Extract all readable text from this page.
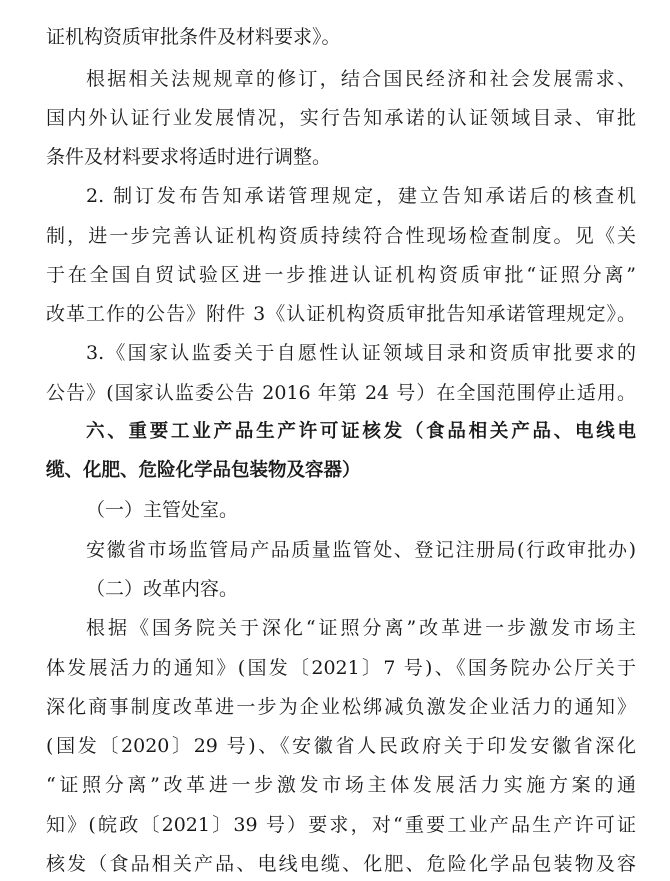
证机构资质审批条件及材料要求》。
根据相关法规规章的修订，结合国民经济和社会发展需求、
国内外认证行业发展情况，实行告知承诺的认证领域目录、审批
条件及材料要求将适时进行调整。
2. 制订发布告知承诺管理规定，建立告知承诺后的核查机
制，进一步完善认证机构资质持续符合性现场检查制度。见《关
于在全国自贸试验区进一步推进认证机构资质审批“证照分离”
改革工作的公告》附件 3《认证机构资质审批告知承诺管理规定》。
3.《国家认监委关于自愿性认证领域目录和资质审批要求的
公告》(国家认监委公告 2016 年第 24 号）在全国范围停止适用。
六、重要工业产品生产许可证核发（食品相关产品、电线电
缆、化肥、危险化学品包装物及容器）
（一）主管处室。
安徽省市场监管局产品质量监管处、登记注册局(行政审批办)
（二）改革内容。
根据《国务院关于深化“证照分离”改革进一步激发市场主
体发展活力的通知》(国发〔2021〕7 号)、《国务院办公厅关于
深化商事制度改革进一步为企业松绑减负激发企业活力的通知》
(国发〔2020〕29 号)、《安徽省人民政府关于印发安徽省深化
“证照分离”改革进一步激发市场主体发展活力实施方案的通
知》(皖政〔2021〕39 号）要求，对“重要工业产品生产许可证
核发（食品相关产品、电线电缆、化肥、危险化学品包装物及容
